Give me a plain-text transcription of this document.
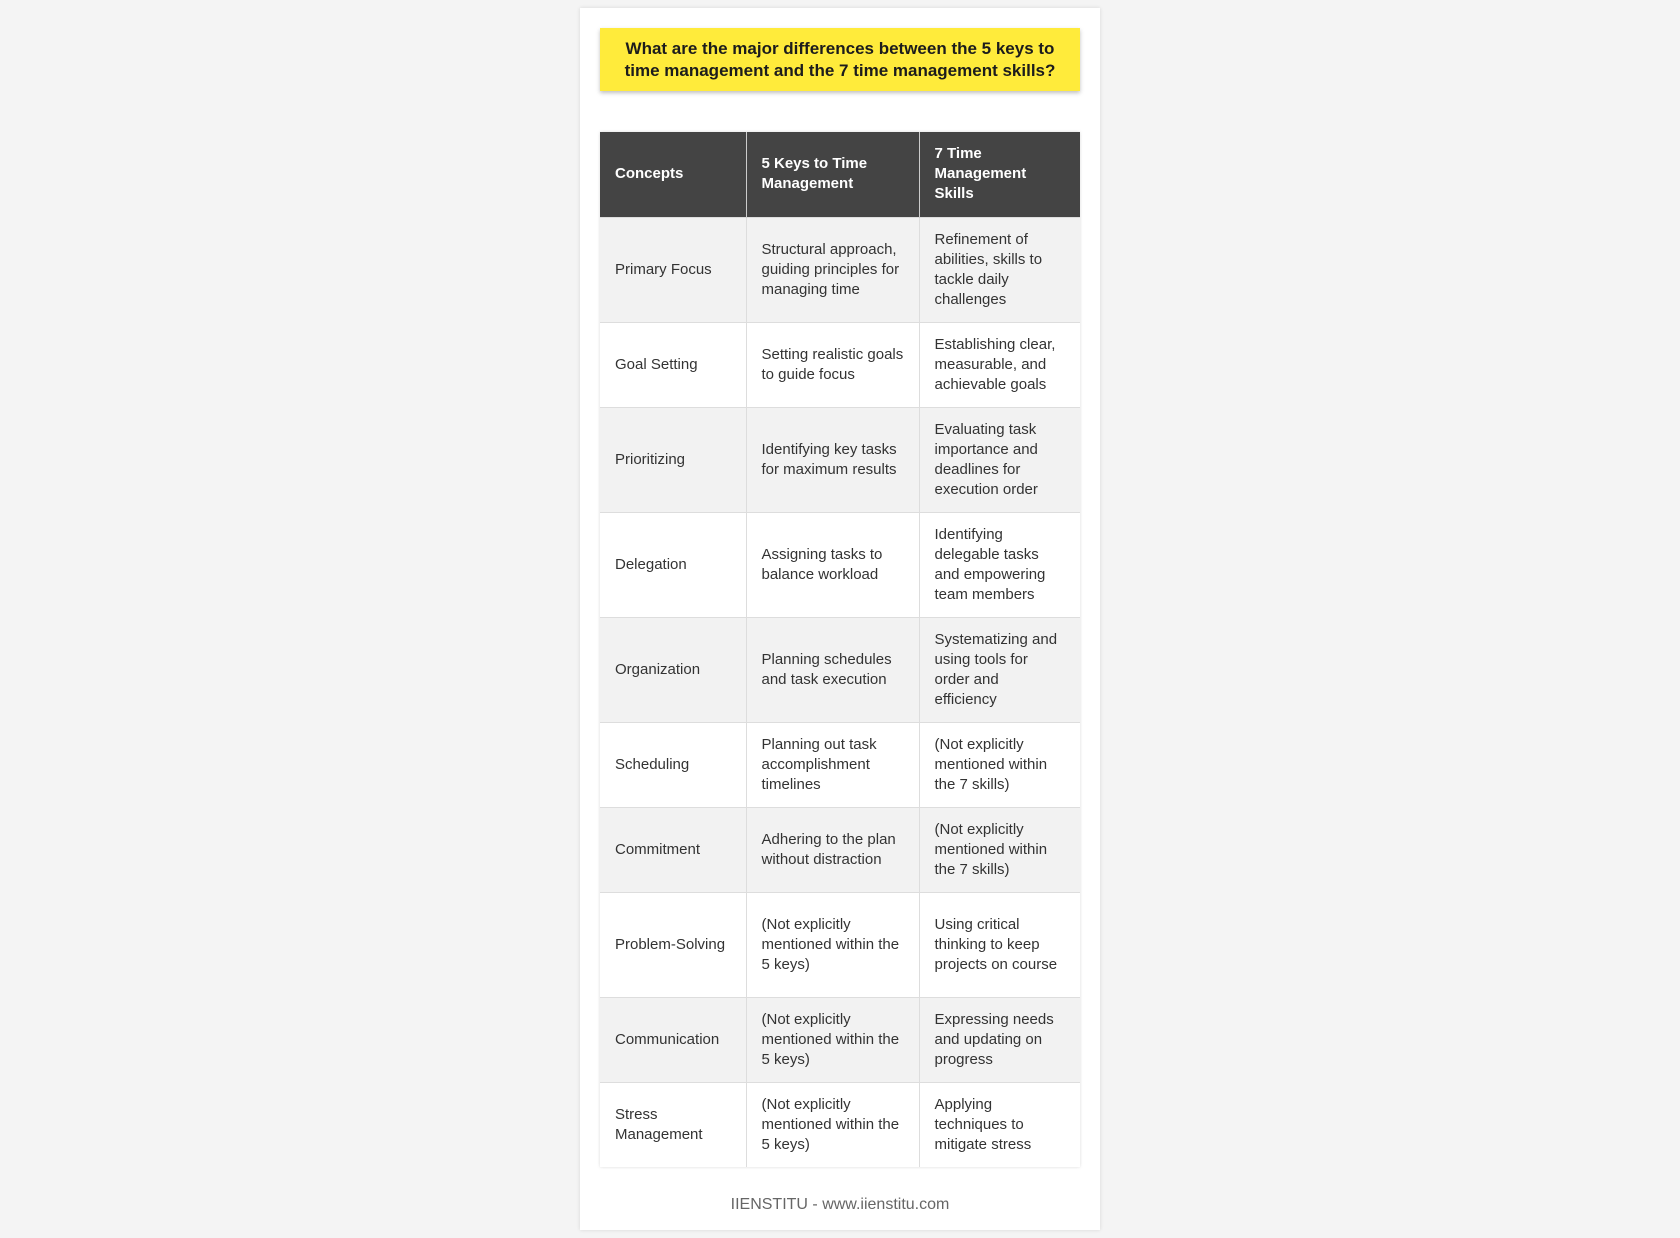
What are the major differences between the 5 keys to time management and the 7 time management skills?
Concepts	5 Keys to Time Management	7 Time Management Skills
Primary Focus	Structural approach, guiding principles for managing time	Refinement of abilities, skills to tackle daily challenges
Goal Setting	Setting realistic goals to guide focus	Establishing clear, measurable, and achievable goals
Prioritizing	Identifying key tasks for maximum results	Evaluating task importance and deadlines for execution order
Delegation	Assigning tasks to balance workload	Identifying delegable tasks and empowering team members
Organization	Planning schedules and task execution	Systematizing and using tools for order and efficiency
Scheduling	Planning out task accomplishment timelines	(Not explicitly mentioned within the 7 skills)
Commitment	Adhering to the plan without distraction	(Not explicitly mentioned within the 7 skills)
Problem-Solving	(Not explicitly mentioned within the 5 keys)	Using critical thinking to keep projects on course
Communication	(Not explicitly mentioned within the 5 keys)	Expressing needs and updating on progress
Stress Management	(Not explicitly mentioned within the 5 keys)	Applying techniques to mitigate stress
IIENSTITU - www.iienstitu.com
